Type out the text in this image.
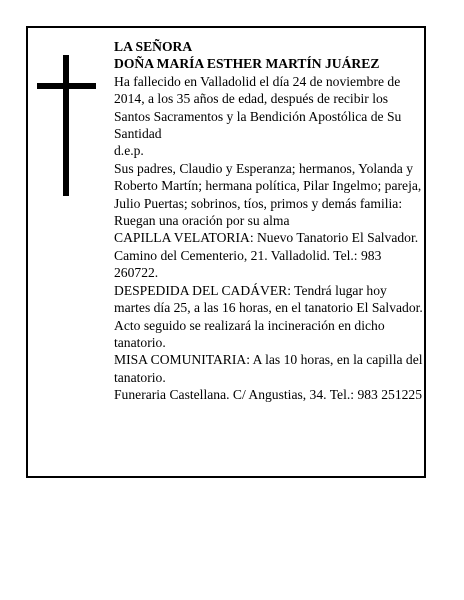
LA SEÑORA

DOÑA MARÍA ESTHER MARTÍN JUÁREZ

Ha fallecido en Valladolid el día 24 de noviembre de 2014, a los 35 años de edad, después de recibir los Santos Sacramentos y la Bendición Apostólica de Su Santidad

d.e.p.

Sus padres, Claudio y Esperanza; hermanos, Yolanda y Roberto Martín; hermana política, Pilar Ingelmo; pareja, Julio Puertas; sobrinos, tíos, primos y demás familia:

Ruegan una oración por su alma

CAPILLA VELATORIA: Nuevo Tanatorio El Salvador. Camino del Cementerio, 21. Valladolid. Tel.: 983 260722.

DESPEDIDA DEL CADÁVER: Tendrá lugar hoy martes día 25, a las 16 horas, en el tanatorio El Salvador. Acto seguido se realizará la incineración en dicho tanatorio.

MISA COMUNITARIA: A las 10 horas, en la capilla del tanatorio.

Funeraria Castellana. C/ Angustias, 34. Tel.: 983 251225
